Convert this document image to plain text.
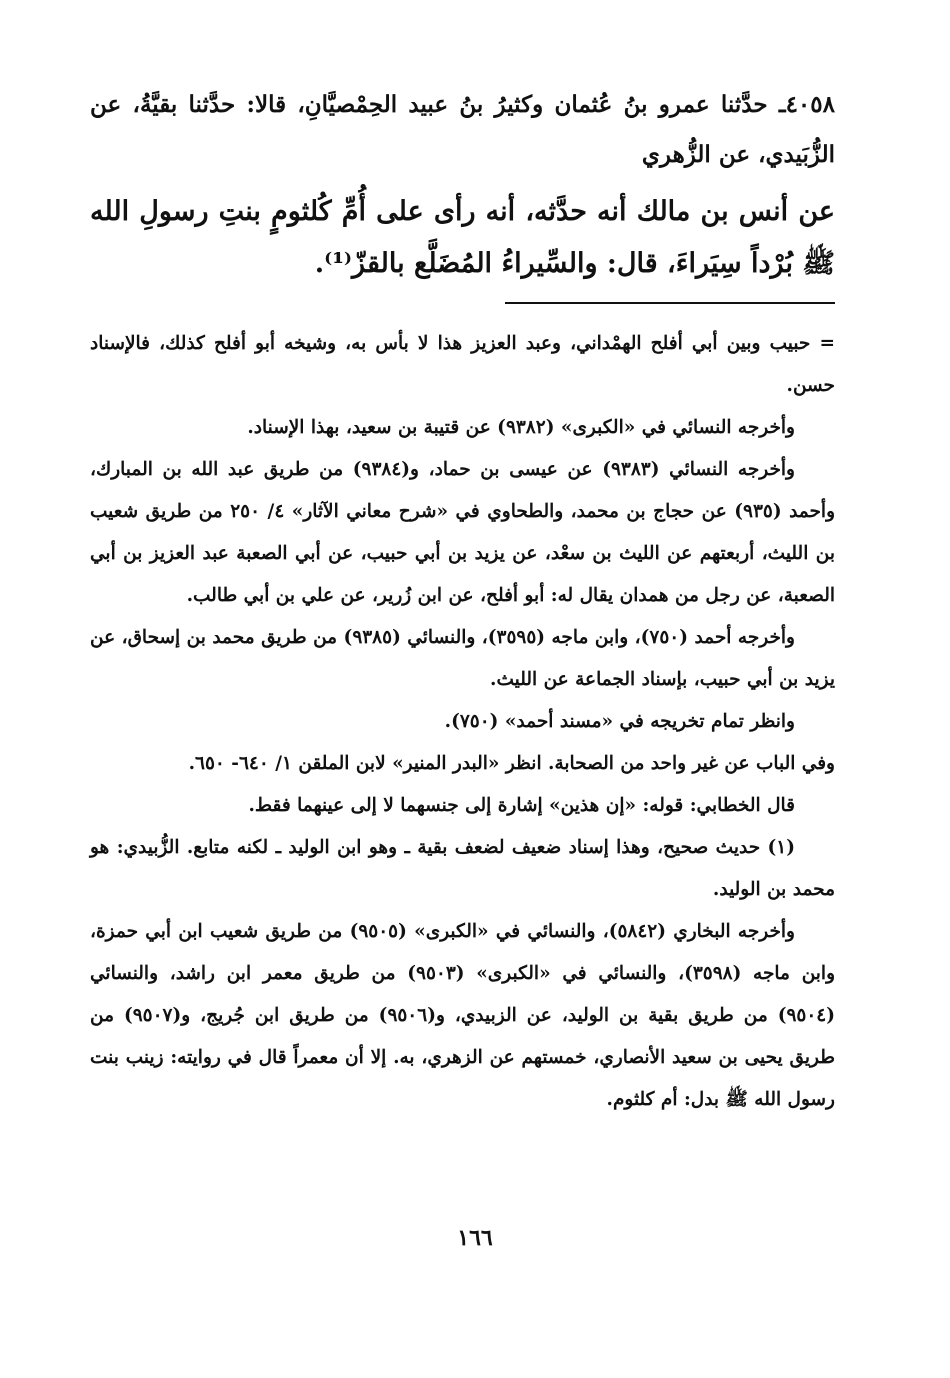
٤٠٥٨ـ حدَّثنا عمرو بنُ عُثمان وكثيرُ بنُ عبيد الحِمْصيَّانِ، قالا: حدَّثنا بقيَّةُ، عن الزُّبَيدي، عن الزُّهري
عن أنس بن مالك أنه حدَّثه، أنه رأى على أُمِّ كُلثومٍ بنتِ رسولِ الله ﷺ بُرْداً سِيَراءَ، قال: والسِّيراءُ المُضَلَّع بالقزّ⁽¹⁾.

= حبيب وبين أبي أفلح الهمْداني، وعبد العزيز هذا لا بأس به، وشيخه أبو أفلح كذلك، فالإسناد حسن.

وأخرجه النسائي في «الكبرى» (٩٣٨٢) عن قتيبة بن سعيد، بهذا الإسناد.

وأخرجه النسائي (٩٣٨٣) عن عيسى بن حماد، و(٩٣٨٤) من طريق عبد الله بن المبارك، وأحمد (٩٣٥) عن حجاج بن محمد، والطحاوي في «شرح معاني الآثار» ٤/ ٢٥٠ من طريق شعيب بن الليث، أربعتهم عن الليث بن سعْد، عن يزيد بن أبي حبيب، عن أبي الصعبة عبد العزيز بن أبي الصعبة، عن رجل من همدان يقال له: أبو أفلح، عن ابن زُرير، عن علي بن أبي طالب.

وأخرجه أحمد (٧٥٠)، وابن ماجه (٣٥٩٥)، والنسائي (٩٣٨٥) من طريق محمد بن إسحاق، عن يزيد بن أبي حبيب، بإسناد الجماعة عن الليث.

وانظر تمام تخريجه في «مسند أحمد» (٧٥٠).

وفي الباب عن غير واحد من الصحابة. انظر «البدر المنير» لابن الملقن ١/ ٦٤٠- ٦٥٠.

قال الخطابي: قوله: «إن هذين» إشارة إلى جنسهما لا إلى عينهما فقط.

(١) حديث صحيح، وهذا إسناد ضعيف لضعف بقية ـ وهو ابن الوليد ـ لكنه متابع. الزُّبيدي: هو محمد بن الوليد.

وأخرجه البخاري (٥٨٤٢)، والنسائي في «الكبرى» (٩٥٠٥) من طريق شعيب ابن أبي حمزة، وابن ماجه (٣٥٩٨)، والنسائي في «الكبرى» (٩٥٠٣) من طريق معمر ابن راشد، والنسائي (٩٥٠٤) من طريق بقية بن الوليد، عن الزبيدي، و(٩٥٠٦) من طريق ابن جُريج، و(٩٥٠٧) من طريق يحيى بن سعيد الأنصاري، خمستهم عن الزهري، به. إلا أن معمراً قال في روايته: زينب بنت رسول الله ﷺ بدل: أم كلثوم.

١٦٦
